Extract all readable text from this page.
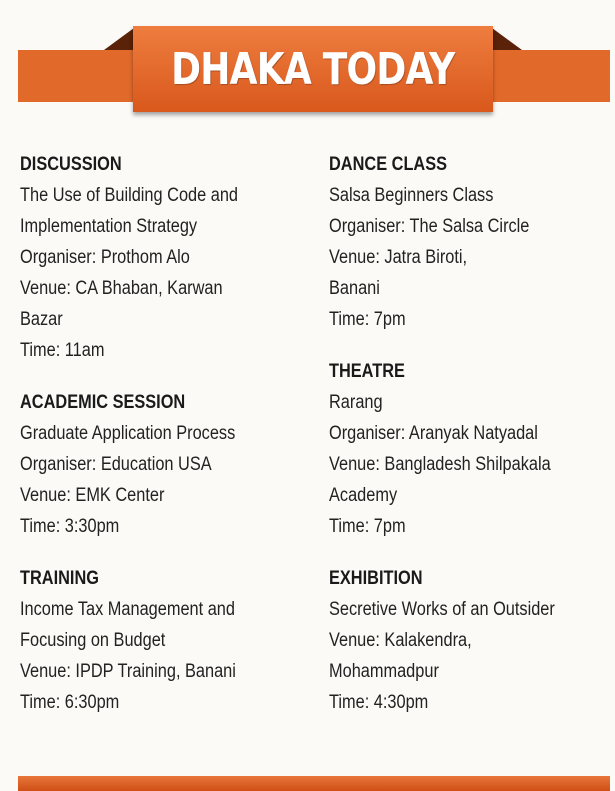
DHAKA TODAY
DISCUSSION
The Use of Building Code and
Implementation Strategy
Organiser: Prothom Alo
Venue: CA Bhaban, Karwan
Bazar
Time: 11am
ACADEMIC SESSION
Graduate Application Process
Organiser: Education USA
Venue: EMK Center
Time: 3:30pm
TRAINING
Income Tax Management and
Focusing on Budget
Venue: IPDP Training, Banani
Time: 6:30pm
DANCE CLASS
Salsa Beginners Class
Organiser: The Salsa Circle
Venue: Jatra Biroti,
Banani
Time: 7pm
THEATRE
Rarang
Organiser: Aranyak Natyadal
Venue: Bangladesh Shilpakala
Academy
Time: 7pm
EXHIBITION
Secretive Works of an Outsider
Venue: Kalakendra,
Mohammadpur
Time: 4:30pm
